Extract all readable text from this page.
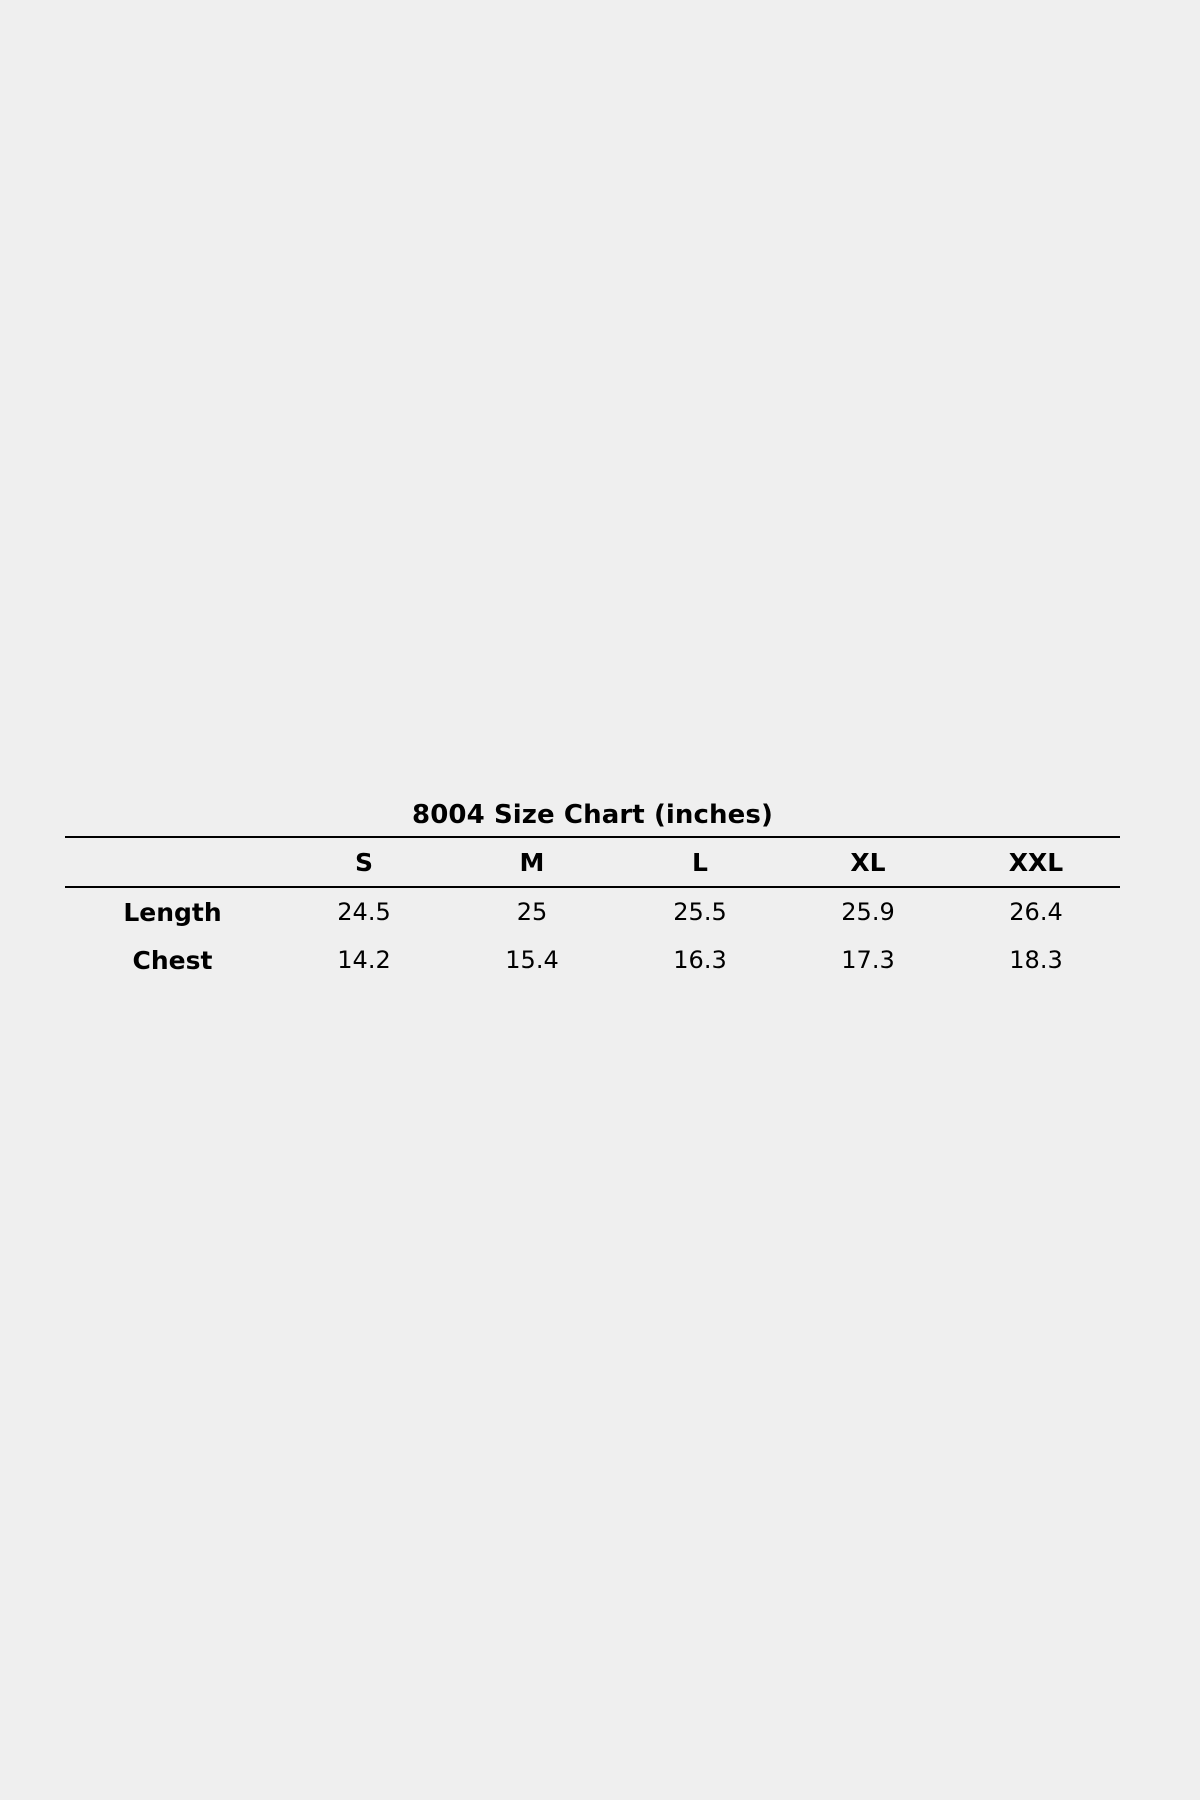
8004 Size Chart (inches)
	S	M	L	XL	XXL
Length	24.5	25	25.5	25.9	26.4
Chest	14.2	15.4	16.3	17.3	18.3
